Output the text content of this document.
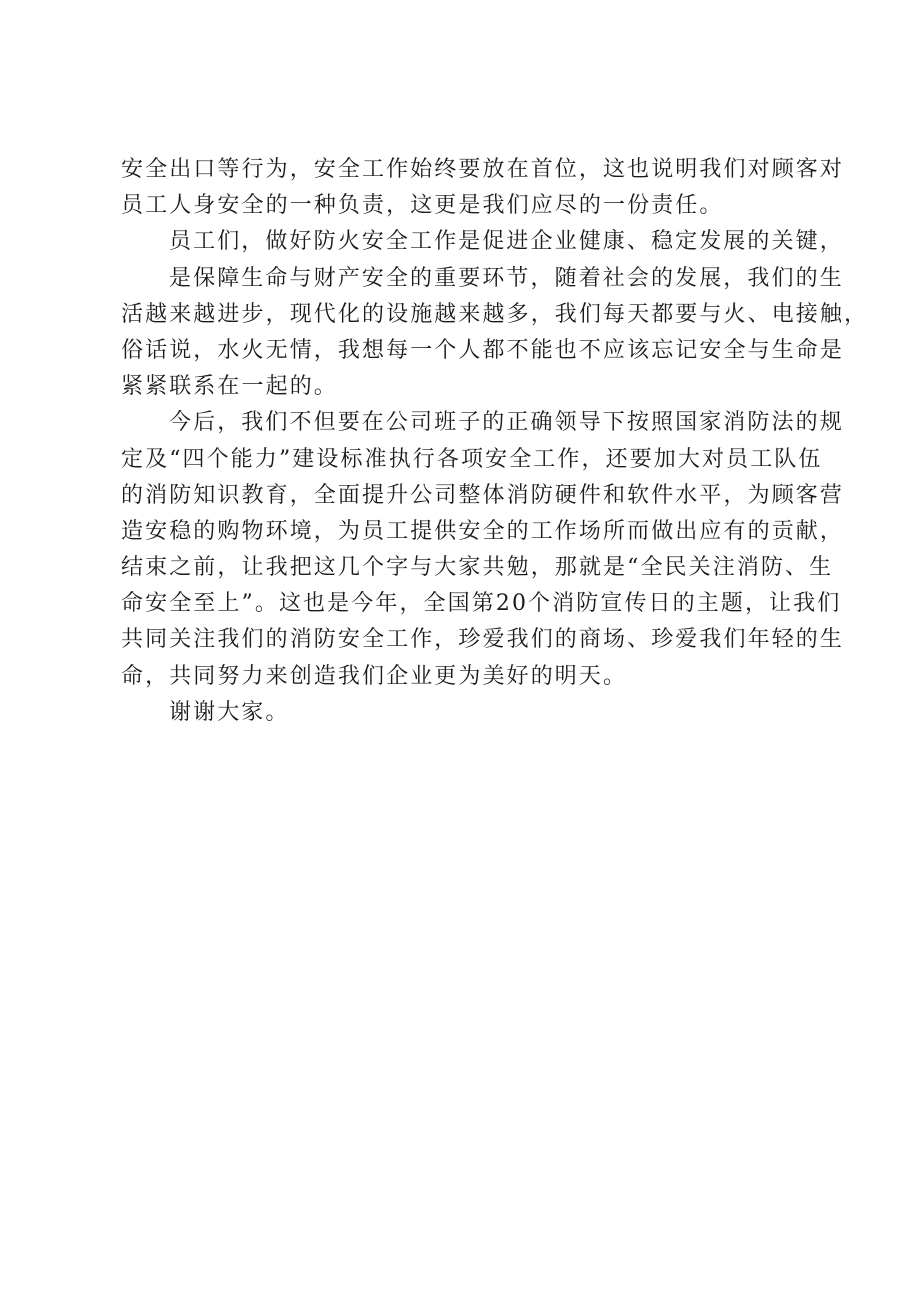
安全出口等行为，安全工作始终要放在首位，这也说明我们对顾客对
员工人身安全的一种负责，这更是我们应尽的一份责任。
员工们，做好防火安全工作是促进企业健康、稳定发展的关键，
是保障生命与财产安全的重要环节，随着社会的发展，我们的生
活越来越进步，现代化的设施越来越多，我们每天都要与火、电接触，
俗话说，水火无情，我想每一个人都不能也不应该忘记安全与生命是
紧紧联系在一起的。
今后，我们不但要在公司班子的正确领导下按照国家消防法的规
定及“四个能力”建设标准执行各项安全工作，还要加大对员工队伍
的消防知识教育，全面提升公司整体消防硬件和软件水平，为顾客营
造安稳的购物环境，为员工提供安全的工作场所而做出应有的贡献，
结束之前，让我把这几个字与大家共勉，那就是“全民关注消防、生
命安全至上”。这也是今年，全国第20个消防宣传日的主题，让我们
共同关注我们的消防安全工作，珍爱我们的商场、珍爱我们年轻的生
命，共同努力来创造我们企业更为美好的明天。
谢谢大家。
